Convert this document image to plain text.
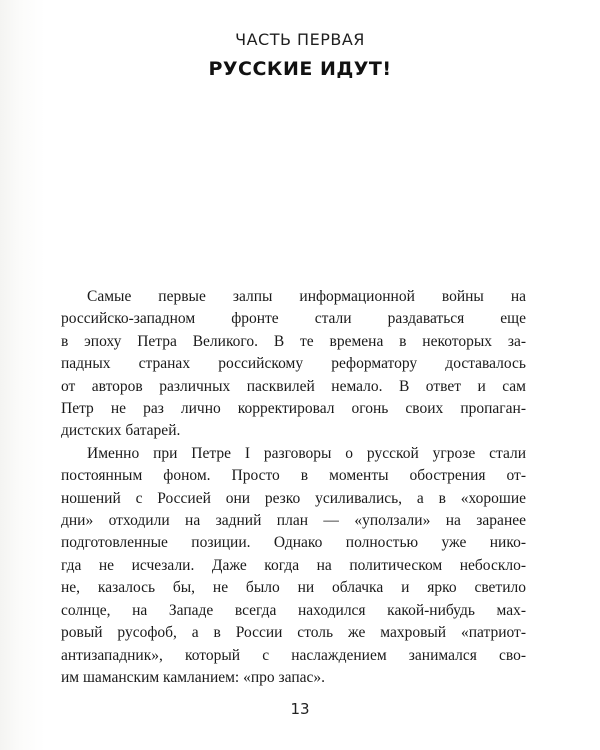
ЧАСТЬ ПЕРВАЯ
РУССКИЕ ИДУТ!

Самые первые залпы информационной войны на
российско-западном фронте стали раздаваться еще
в эпоху Петра Великого. В те времена в некоторых за-
падных странах российскому реформатору доставалось
от авторов различных пасквилей немало. В ответ и сам
Петр не раз лично корректировал огонь своих пропаган-
дистских батарей.

Именно при Петре I разговоры о русской угрозе стали
постоянным фоном. Просто в моменты обострения от-
ношений с Россией они резко усиливались, а в «хорошие
дни» отходили на задний план — «уползали» на заранее
подготовленные позиции. Однако полностью уже нико-
гда не исчезали. Даже когда на политическом небоскло-
не, казалось бы, не было ни облачка и ярко светило
солнце, на Западе всегда находился какой-нибудь мах-
ровый русофоб, а в России столь же махровый «патриот-
антизападник», который с наслаждением занимался сво-
им шаманским камланием: «про запас».

13
